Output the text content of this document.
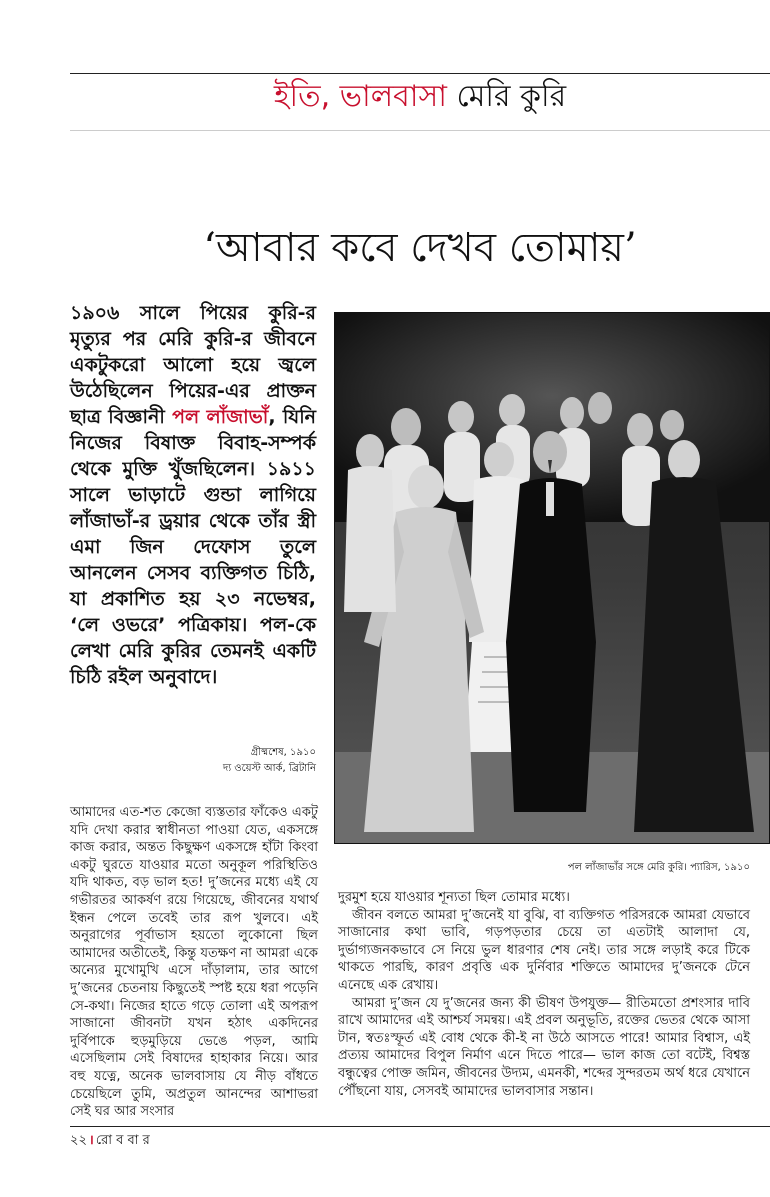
ইতি, ভালবাসা মেরি কুরি
‘আবার কবে দেখব তোমায়’

১৯০৬ সালে পিয়ের কুরি-র মৃত্যুর পর মেরি কুরি-র জীবনে একটুকরো আলো হয়ে জ্বলে উঠেছিলেন পিয়ের-এর প্রাক্তন ছাত্র বিজ্ঞানী পল লাঁজাভাঁ, যিনি নিজের বিষাক্ত বিবাহ-সম্পর্ক থেকে মুক্তি খুঁজছিলেন। ১৯১১ সালে ভাড়াটে গুন্ডা লাগিয়ে লাঁজাভাঁ-র ড্রয়ার থেকে তাঁর স্ত্রী এমা জিন দেফোস তুলে আনলেন সেসব ব্যক্তিগত চিঠি, যা প্রকাশিত হয় ২৩ নভেম্বর, ‘লে ওভরে’ পত্রিকায়। পল-কে লেখা মেরি কুরির তেমনই একটি চিঠি রইল অনুবাদে।

গ্রীষ্মশেষ, ১৯১০
দ্য ওয়েস্ট আর্ক, ব্রিটানি
পল লাঁজাভাঁর সঙ্গে মেরি কুরি। প্যারিস, ১৯১০

আমাদের এত-শত কেজো ব্যস্ততার ফাঁকেও একটু যদি দেখা করার স্বাধীনতা পাওয়া যেত, একসঙ্গে কাজ করার, অন্তত কিছুক্ষণ একসঙ্গে হাঁটা কিংবা একটু ঘুরতে যাওয়ার মতো অনুকূল পরিস্থিতিও যদি থাকত, বড় ভাল হত! দু’জনের মধ্যে এই যে গভীরতর আকর্ষণ রয়ে গিয়েছে, জীবনের যথার্থ ইন্ধন পেলে তবেই তার রূপ খুলবে। এই অনুরাগের পূর্বাভাস হয়তো লুকোনো ছিল আমাদের অতীতেই, কিন্তু যতক্ষণ না আমরা একে অন্যের মুখোমুখি এসে দাঁড়ালাম, তার আগে দু’জনের চেতনায় কিছুতেই স্পষ্ট হয়ে ধরা পড়েনি সে-কথা। নিজের হাতে গড়ে তোলা এই অপরূপ সাজানো জীবনটা যখন হঠাৎ একদিনের দুর্বিপাকে হুড়মুড়িয়ে ভেঙে পড়ল, আমি এসেছিলাম সেই বিষাদের হাহাকার নিয়ে। আর বহু যত্নে, অনেক ভালবাসায় যে নীড় বাঁধতে চেয়েছিলে তুমি, অপ্রতুল আনন্দের আশাভরা সেই ঘর আর সংসার

দুরমুশ হয়ে যাওয়ার শূন্যতা ছিল তোমার মধ্যে।

জীবন বলতে আমরা দু’জনেই যা বুঝি, বা ব্যক্তিগত পরিসরকে আমরা যেভাবে সাজানোর কথা ভাবি, গড়পড়তার চেয়ে তা এতটাই আলাদা যে, দুর্ভাগ্যজনকভাবে সে নিয়ে ভুল ধারণার শেষ নেই। তার সঙ্গে লড়াই করে টিকে থাকতে পারছি, কারণ প্রবৃত্তি এক দুর্নিবার শক্তিতে আমাদের দু’জনকে টেনে এনেছে এক রেখায়।

আমরা দু’জন যে দু’জনের জন্য কী ভীষণ উপযুক্ত— রীতিমতো প্রশংসার দাবি রাখে আমাদের এই আশ্চর্য সমন্বয়। এই প্রবল অনুভূতি, রক্তের ভেতর থেকে আসা টান, স্বতঃস্ফূর্ত এই বোধ থেকে কী-ই না উঠে আসতে পারে! আমার বিশ্বাস, এই প্রত্যয় আমাদের বিপুল নির্মাণ এনে দিতে পারে— ভাল কাজ তো বটেই, বিশ্বস্ত বন্ধুত্বের পোক্ত জমিন, জীবনের উদ্যম, এমনকী, শব্দের সুন্দরতম অর্থ ধরে যেখানে পৌঁছনো যায়, সেসবই আমাদের ভালবাসার সন্তান।

২২ । রো ব বা র
